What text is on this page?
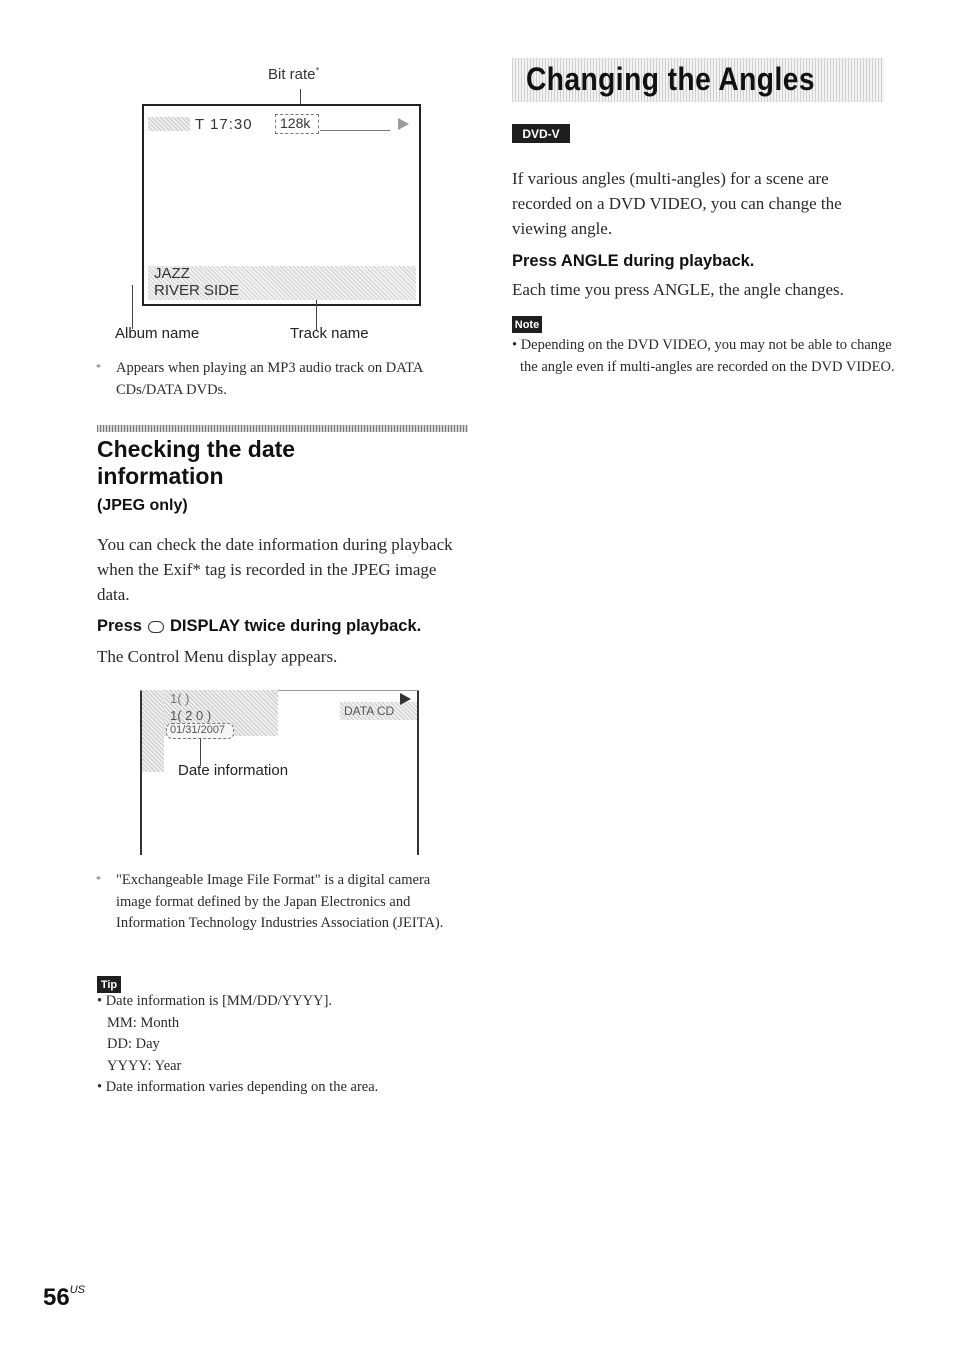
Bit rate*
T 17:30 128k
JAZZ
RIVER SIDE
Album name	Track name
*	Appears when playing an MP3 audio track on DATA CDs/DATA DVDs.
Checking the date information
(JPEG only)
You can check the date information during playback when the Exif* tag is recorded in the JPEG image data.
Press DISPLAY twice during playback.
The Control Menu display appears.
1( )
1( 2 0 )
01/31/2007
Date information
DATA CD
*	"Exchangeable Image File Format" is a digital camera image format defined by the Japan Electronics and Information Technology Industries Association (JEITA).
Tip
• Date information is [MM/DD/YYYY].
MM: Month
DD: Day
YYYY: Year
• Date information varies depending on the area.
Changing the Angles
DVD-V
If various angles (multi-angles) for a scene are recorded on a DVD VIDEO, you can change the viewing angle.
Press ANGLE during playback.
Each time you press ANGLE, the angle changes.
Note
• Depending on the DVD VIDEO, you may not be able to change the angle even if multi-angles are recorded on the DVD VIDEO.
$56^{US}$
